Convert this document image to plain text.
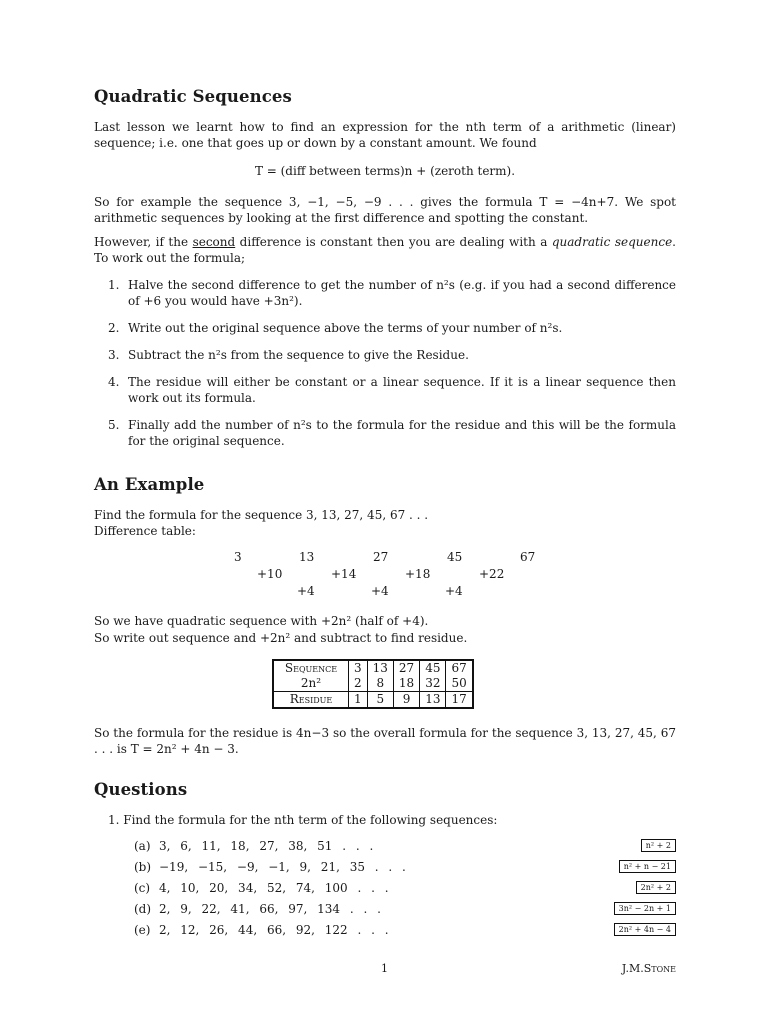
Quadratic Sequences

Last lesson we learnt how to find an expression for the nth term of a arithmetic (linear) sequence; i.e. one that goes up or down by a constant amount. We found

T = (diff between terms)n + (zeroth term).

So for example the sequence 3, −1, −5, −9 . . . gives the formula T = −4n+7. We spot arithmetic sequences by looking at the first difference and spotting the constant.

However, if the second difference is constant then you are dealing with a quadratic sequence. To work out the formula;

1. Halve the second difference to get the number of n²s (e.g. if you had a second difference of +6 you would have +3n²).
2. Write out the original sequence above the terms of your number of n²s.
3. Subtract the n²s from the sequence to give the Residue.
4. The residue will either be constant or a linear sequence. If it is a linear sequence then work out its formula.
5. Finally add the number of n²s to the formula for the residue and this will be the formula for the original sequence.
An Example

Find the formula for the sequence 3, 13, 27, 45, 67 . . .

Difference table:

3	13	27	45	67
+10	+14	+18	+22
+4	+4	+4

So we have quadratic sequence with +2n² (half of +4).

So write out sequence and +2n² and subtract to find residue.

Sequence	3	13	27	45	67
2n²	2	8	18	32	50
Residue	1	5	9	13	17

So the formula for the residue is 4n−3 so the overall formula for the sequence 3, 13, 27, 45, 67 . . . is T = 2n² + 4n − 3.

Questions

1. Find the formula for the nth term of the following sequences:

(a) 3, 6, 11, 18, 27, 38, 51 . . .	n² + 2
(b) −19, −15, −9, −1, 9, 21, 35 . . .	n² + n − 21
(c) 4, 10, 20, 34, 52, 74, 100 . . .	2n² + 2
(d) 2, 9, 22, 41, 66, 97, 134 . . .	3n² − 2n + 1
(e) 2, 12, 26, 44, 66, 92, 122 . . .	2n² + 4n − 4
1	J.M.Stone
